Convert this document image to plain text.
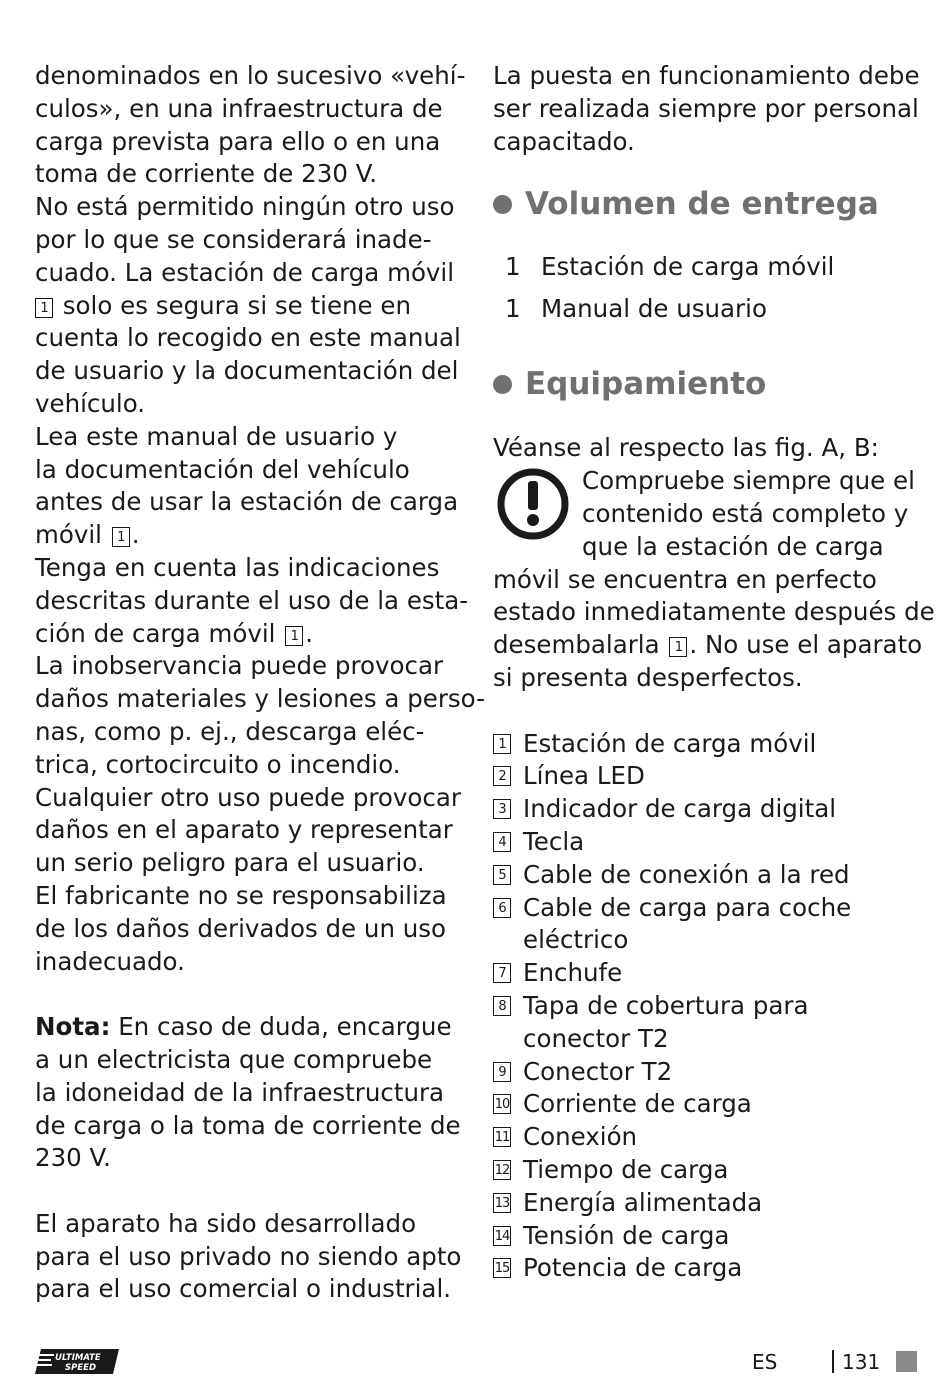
denominados en lo sucesivo «vehí-
culos», en una infraestructura de
carga prevista para ello o en una
toma de corriente de 230 V.

No está permitido ningún otro uso
por lo que se considerará inade-
cuado. La estación de carga móvil
1 solo es segura si se tiene en
cuenta lo recogido en este manual
de usuario y la documentación del
vehículo.

Lea este manual de usuario y
la documentación del vehículo
antes de usar la estación de carga
móvil 1 .

Tenga en cuenta las indicaciones
descritas durante el uso de la esta-
ción de carga móvil 1 .

La inobservancia puede provocar
daños materiales y lesiones a perso-
nas, como p. ej., descarga eléc-
trica, cortocircuito o incendio.

Cualquier otro uso puede provocar
daños en el aparato y representar
un serio peligro para el usuario.

El fabricante no se responsabiliza
de los daños derivados de un uso
inadecuado.

Nota: En caso de duda, encargue
a un electricista que compruebe
la idoneidad de la infraestructura
de carga o la toma de corriente de
230 V.

El aparato ha sido desarrollado
para el uso privado no siendo apto
para el uso comercial o industrial.

La puesta en funcionamiento debe
ser realizada siempre por personal
capacitado.

Volumen de entrega
1 Estación de carga móvil
1 Manual de usuario
Equipamiento

Véanse al respecto las fig. A, B:

Compruebe siempre que el
contenido está completo y
que la estación de carga
móvil se encuentra en perfecto
estado inmediatamente después de
desembalarla 1 . No use el aparato
si presenta desperfectos.

1 Estación de carga móvil
2 Línea LED
3 Indicador de carga digital
4 Tecla
5 Cable de conexión a la red
6 Cable de carga para coche
eléctrico
7 Enchufe
8 Tapa de cobertura para
conector T2
9 Conector T2
10 Corriente de carga
11 Conexión
12 Tiempo de carga
13 Energía alimentada
14 Tensión de carga
15 Potencia de carga
ULTIMATE
SPEED	ES	131
